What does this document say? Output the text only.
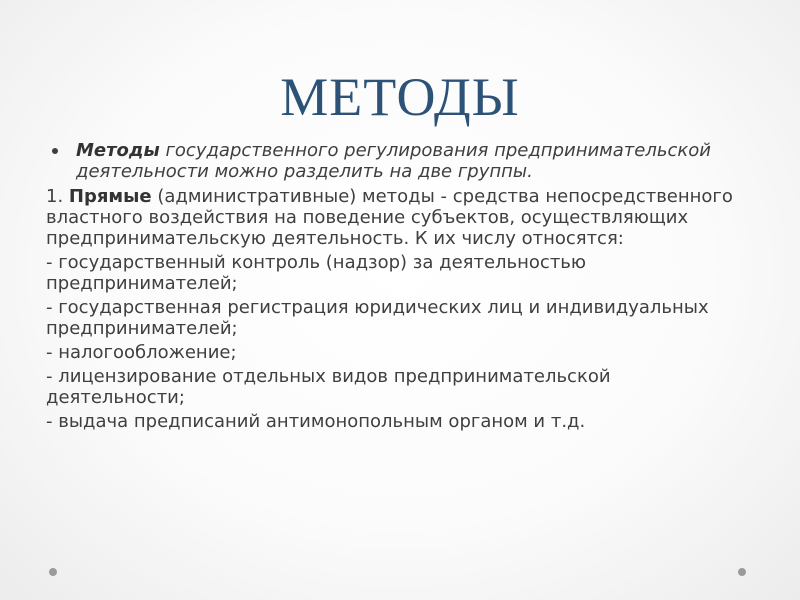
МЕТОДЫ
Методы государственного регулирования предпринимательской деятельности можно разделить на две группы.
1. Прямые (административные) методы - средства непосредственного властного воздействия на поведение субъектов, осуществляющих предпринимательскую деятельность. К их числу относятся:
- государственный контроль (надзор) за деятельностью предпринимателей;
- государственная регистрация юридических лиц и индивидуальных предпринимателей;
- налогообложение;
- лицензирование отдельных видов предпринимательской деятельности;
- выдача предписаний антимонопольным органом и т.д.
